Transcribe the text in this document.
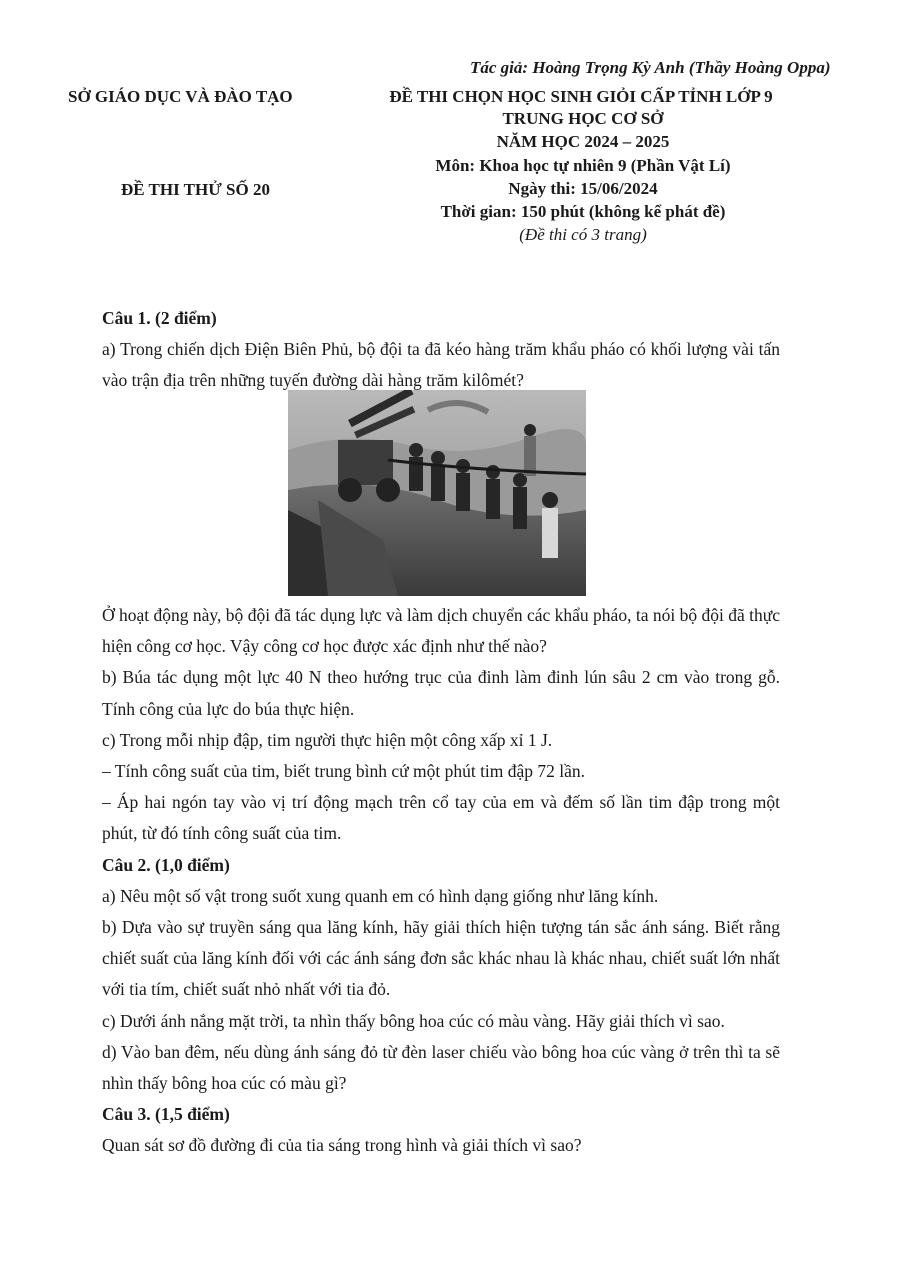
Tác giả: Hoàng Trọng Kỳ Anh (Thầy Hoàng Oppa)
SỞ GIÁO DỤC VÀ ĐÀO TẠO	ĐỀ THI CHỌN HỌC SINH GIỎI CẤP TỈNH LỚP 9
TRUNG HỌC CƠ SỞ
NĂM HỌC 2024 – 2025
Môn: Khoa học tự nhiên 9 (Phần Vật Lí)
ĐỀ THI THỬ SỐ 20	Ngày thi: 15/06/2024
Thời gian: 150 phút (không kể phát đề)
(Đề thi có 3 trang)

Câu 1. (2 điểm)

a) Trong chiến dịch Điện Biên Phủ, bộ đội ta đã kéo hàng trăm khẩu pháo có khối lượng vài tấn vào trận địa trên những tuyến đường dài hàng trăm kilômét?

Ở hoạt động này, bộ đội đã tác dụng lực và làm dịch chuyển các khẩu pháo, ta nói bộ đội đã thực hiện công cơ học. Vậy công cơ học được xác định như thế nào?

b) Búa tác dụng một lực 40 N theo hướng trục của đinh làm đinh lún sâu 2 cm vào trong gỗ. Tính công của lực do búa thực hiện.

c) Trong mỗi nhịp đập, tim người thực hiện một công xấp xỉ 1 J.

– Tính công suất của tim, biết trung bình cứ một phút tim đập 72 lần.

– Áp hai ngón tay vào vị trí động mạch trên cổ tay của em và đếm số lần tim đập trong một phút, từ đó tính công suất của tim.

Câu 2. (1,0 điểm)

a) Nêu một số vật trong suốt xung quanh em có hình dạng giống như lăng kính.

b) Dựa vào sự truyền sáng qua lăng kính, hãy giải thích hiện tượng tán sắc ánh sáng. Biết rằng chiết suất của lăng kính đối với các ánh sáng đơn sắc khác nhau là khác nhau, chiết suất lớn nhất với tia tím, chiết suất nhỏ nhất với tia đỏ.

c) Dưới ánh nắng mặt trời, ta nhìn thấy bông hoa cúc có màu vàng. Hãy giải thích vì sao.

d) Vào ban đêm, nếu dùng ánh sáng đỏ từ đèn laser chiếu vào bông hoa cúc vàng ở trên thì ta sẽ nhìn thấy bông hoa cúc có màu gì?

Câu 3. (1,5 điểm)

Quan sát sơ đồ đường đi của tia sáng trong hình và giải thích vì sao?
